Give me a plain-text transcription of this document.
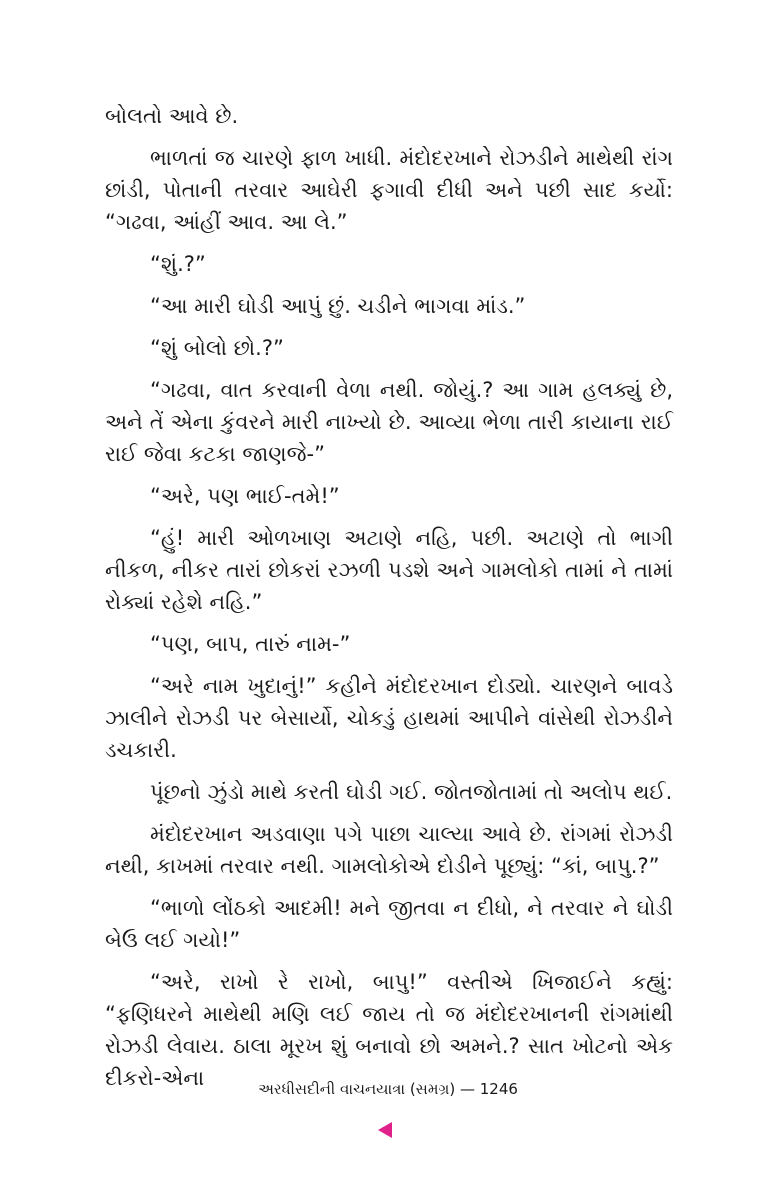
બોલતો આવે છે.

ભાળતાં જ ચારણે ફાળ ખાધી. મંદોદરખાનેે રોઝડીને માથેથી રાંગ છાંડી, પોતાની તરવાર આઘેરી ફગાવી દીધી અને પછી સાદ કર્યો: “ગઢવા, આંહીં આવ. આ લે.”

“શું.?”

“આ મારી ઘોડી આપું છું. ચડીને ભાગવા માંડ.”

“શું બોલો છો.?”

“ગઢવા, વાત કરવાની વેળા નથી. જોયું.? આ ગામ હલક્યું છે, અને તેં એના કુંવરને મારી નાખ્યો છે. આવ્યા ભેળા તારી કાયાના રાઈ રાઈ જેવા કટકા જાણજે-”

“અરે, પણ ભાઈ-તમે!”

“હું! મારી ઓળખાણ અટાણે નહિ, પછી. અટાણે તો ભાગી નીકળ, નીકર તારાં છોકરાં રઝળી પડશે અને ગામલોકો તામાં ને તામાં રોક્યાં રહેશે નહિ.”

“પણ, બાપ, તારું નામ-”

“અરે નામ ખુદાનું!” કહીને મંદોદરખાન દોડ્યો. ચારણને બાવડે ઝાલીને રોઝડી પર બેસાર્યો, ચોકડું હાથમાં આપીને વાંસેથી રોઝડીને ડચકારી.

પૂંછનો ઝુંડો માથે કરતી ઘોડી ગઈ. જોતજોતામાં તો અલોપ થઈ.

મંદોદરખાન અડવાણા પગે પાછા ચાલ્યા આવે છે. રાંગમાં રોઝડી નથી, કાખમાં તરવાર નથી. ગામલોકોએ દોડીને પૂછ્યું: “કાં, બાપુ.?”

“ભાળો લોંઠકો આદમી! મને જીતવા ન દીધો, ને તરવાર ને ઘોડી બેઉ લઈ ગયો!”

“અરે, રાખો રે રાખો, બાપુ!” વસ્તીએ ખિજાઈને કહ્યું: “ફણિધરને માથેથી મણિ લઈ જાય તો જ મંદોદરખાનની રાંગમાંથી રોઝડી લેવાય. ઠાલા મૂરખ શું બનાવો છો અમને.? સાત ખોટનો એક દીકરો-એના	અરધીસદીની વાચનયાત્રા (સમગ્ર) — 1246
